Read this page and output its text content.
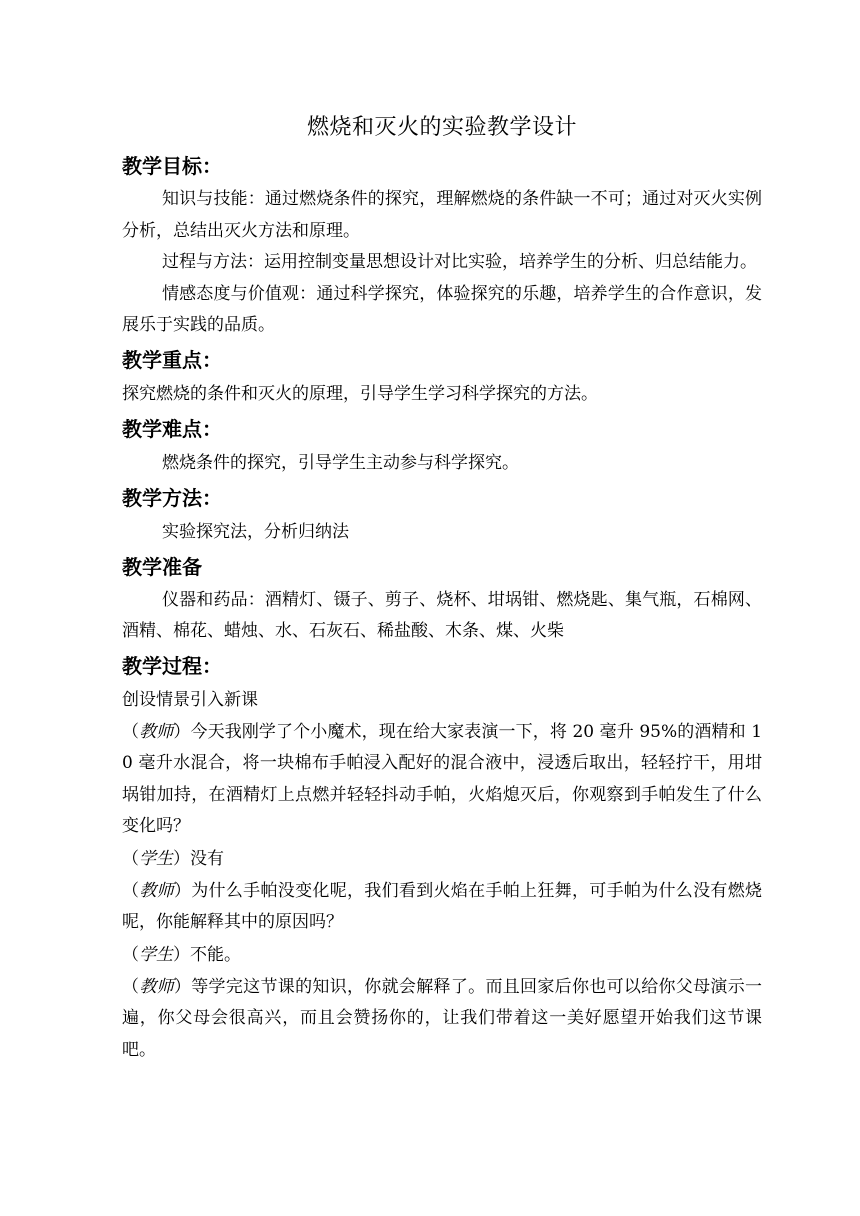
燃烧和灭火的实验教学设计
教学目标：

知识与技能：通过燃烧条件的探究，理解燃烧的条件缺一不可；通过对灭火实例分析，总结出灭火方法和原理。

过程与方法：运用控制变量思想设计对比实验，培养学生的分析、归总结能力。

情感态度与价值观：通过科学探究，体验探究的乐趣，培养学生的合作意识，发展乐于实践的品质。

教学重点：

探究燃烧的条件和灭火的原理，引导学生学习科学探究的方法。

教学难点：

燃烧条件的探究，引导学生主动参与科学探究。

教学方法：

实验探究法，分析归纳法

教学准备

仪器和药品：酒精灯、镊子、剪子、烧杯、坩埚钳、燃烧匙、集气瓶，石棉网、酒精、棉花、蜡烛、水、石灰石、稀盐酸、木条、煤、火柴

教学过程：

创设情景引入新课

（教师）今天我刚学了个小魔术，现在给大家表演一下，将 20 毫升 95%的酒精和 10 毫升水混合，将一块棉布手帕浸入配好的混合液中，浸透后取出，轻轻拧干，用坩埚钳加持，在酒精灯上点燃并轻轻抖动手帕，火焰熄灭后，你观察到手帕发生了什么变化吗？

（学生）没有

（教师）为什么手帕没变化呢，我们看到火焰在手帕上狂舞，可手帕为什么没有燃烧呢，你能解释其中的原因吗？

（学生）不能。

（教师）等学完这节课的知识，你就会解释了。而且回家后你也可以给你父母演示一遍，你父母会很高兴，而且会赞扬你的，让我们带着这一美好愿望开始我们这节课吧。
